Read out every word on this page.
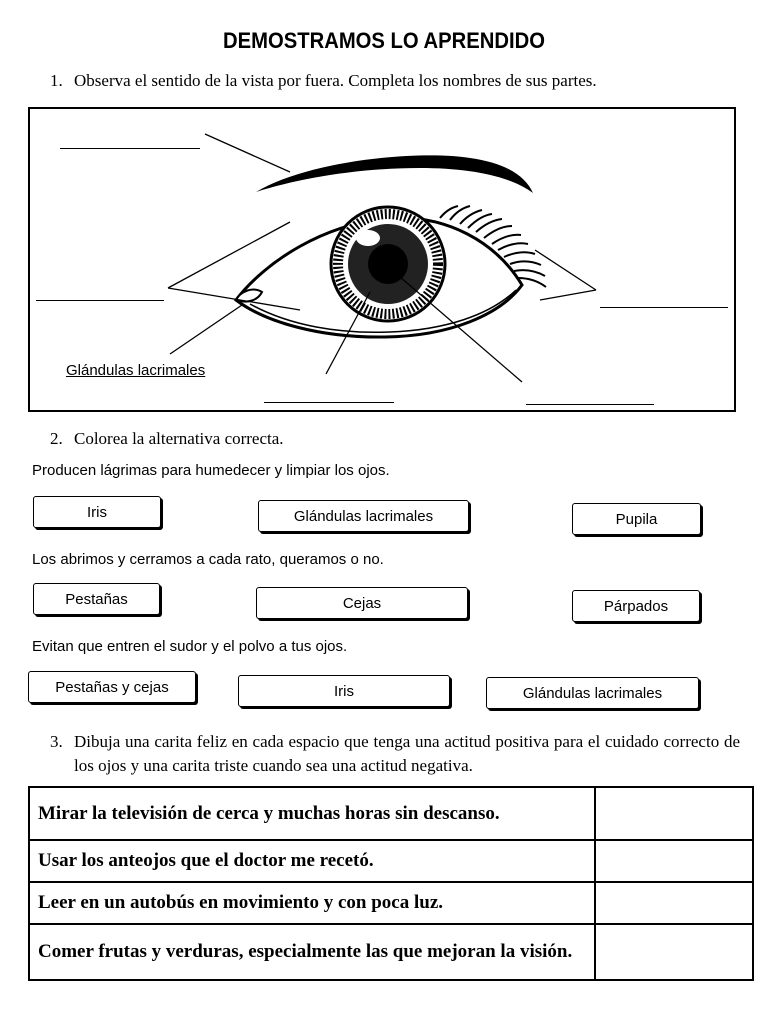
DEMOSTRAMOS LO APRENDIDO
1. Observa el sentido de la vista por fuera. Completa los nombres de sus partes.
Glándulas lacrimales
2. Colorea la alternativa correcta.
Producen lágrimas para humedecer y limpiar los ojos.
Iris	Glándulas lacrimales	Pupila
Los abrimos y cerramos a cada rato, queramos o no.
Pestañas	Cejas	Párpados
Evitan que entren el sudor y el polvo a tus ojos.
Pestañas y cejas	Iris	Glándulas lacrimales
3. Dibuja una carita feliz en cada espacio que tenga una actitud positiva para el cuidado correcto de los ojos y una carita triste cuando sea una actitud negativa.
Mirar la televisión de cerca y muchas horas sin descanso.	
Usar los anteojos que el doctor me recetó.	
Leer en un autobús en movimiento y con poca luz.	
Comer frutas y verduras, especialmente las que mejoran la visión.	
